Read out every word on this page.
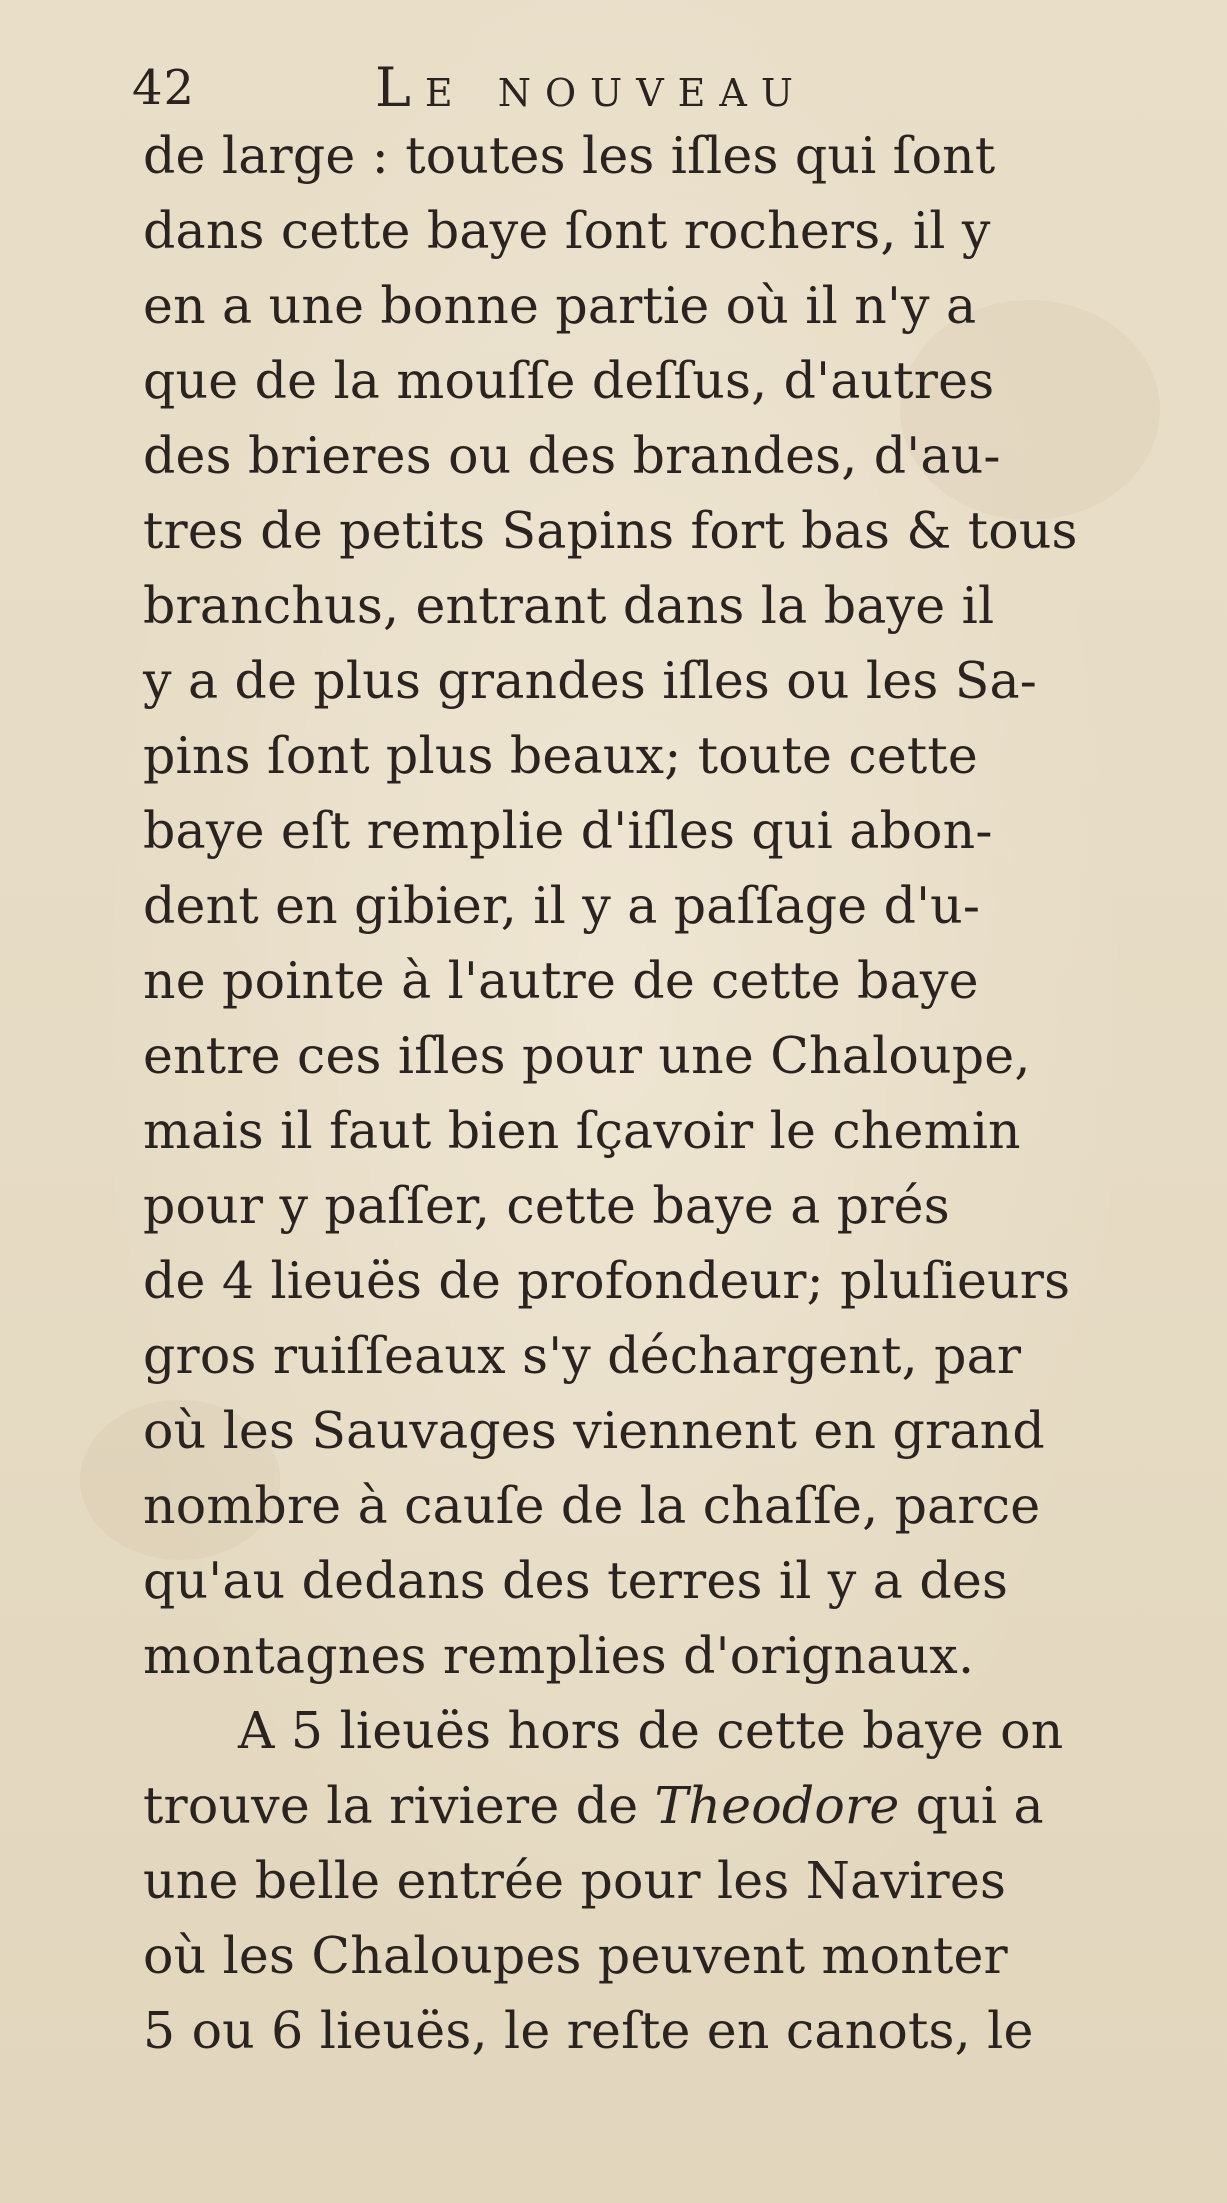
42	Le nouveau
de large : toutes les iſles qui ſont
dans cette baye ſont rochers, il y
en a une bonne partie où il n'y a
que de la mouſſe deſſus, d'autres
des brieres ou des brandes, d'au-
tres de petits Sapins fort bas & tous
branchus, entrant dans la baye il
y a de plus grandes iſles ou les Sa-
pins ſont plus beaux; toute cette
baye eſt remplie d'iſles qui abon-
dent en gibier, il y a paſſage d'u-
ne pointe à l'autre de cette baye
entre ces iſles pour une Chaloupe,
mais il faut bien ſçavoir le chemin
pour y paſſer, cette baye a prés
de 4 lieuës de profondeur; pluſieurs
gros ruiſſeaux s'y déchargent, par
où les Sauvages viennent en grand
nombre à cauſe de la chaſſe, parce
qu'au dedans des terres il y a des
montagnes remplies d'orignaux.
A 5 lieuës hors de cette baye on
trouve la riviere de Theodore qui a
une belle entrée pour les Navires
où les Chaloupes peuvent monter
5 ou 6 lieuës, le reſte en canots, le
